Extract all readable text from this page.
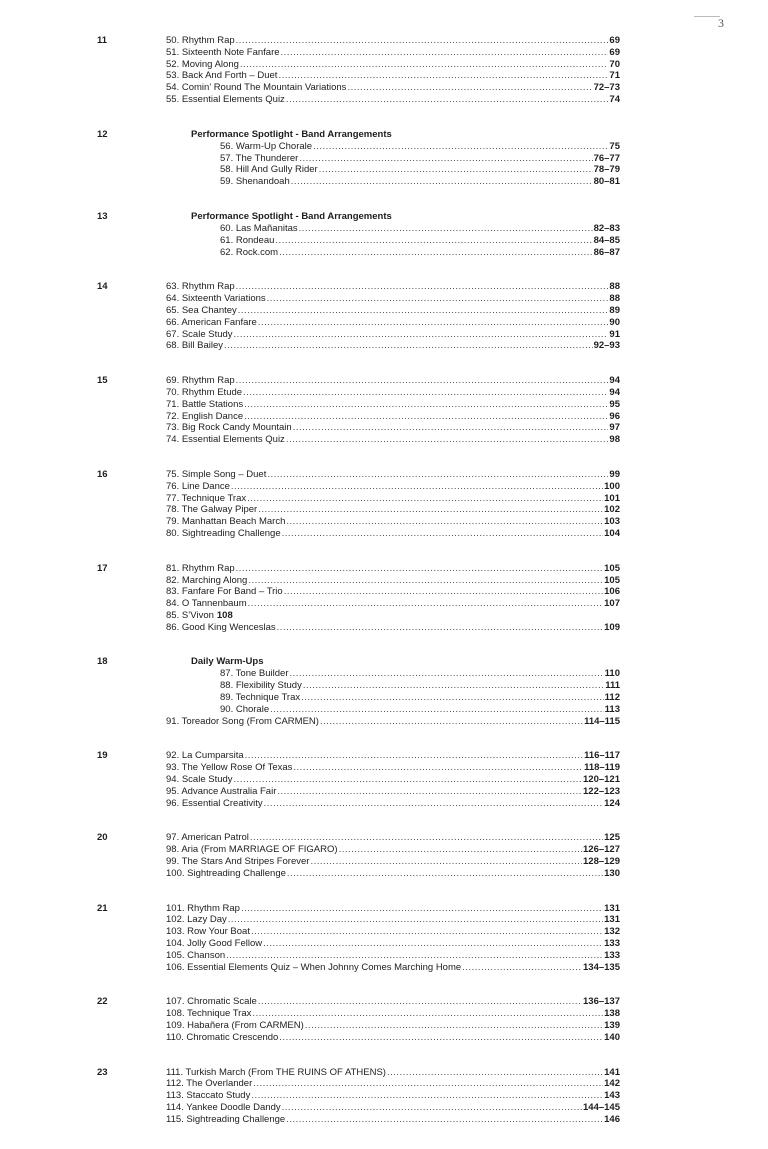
3
11	50. Rhythm Rap .....	69
51. Sixteenth Note Fanfare .....	69
52. Moving Along .....	70
53. Back And Forth – Duet .....	71
54. Comin’ Round The Mountain Variations .....	72–73
55. Essential Elements Quiz .....	74
12	Performance Spotlight - Band Arrangements
56. Warm-Up Chorale .....	75
57. The Thunderer .....	76–77
58. Hill And Gully Rider .....	78–79
59. Shenandoah .....	80–81
13	Performance Spotlight - Band Arrangements
60. Las Mañanitas .....	82–83
61. Rondeau .....	84–85
62. Rock.com .....	86–87
14	63. Rhythm Rap .....	88
64. Sixteenth Variations .....	88
65. Sea Chantey .....	89
66. American Fanfare .....	90
67. Scale Study .....	91
68. Bill Bailey .....	92–93
15	69. Rhythm Rap .....	94
70. Rhythm Etude .....	94
71. Battle Stations .....	95
72. English Dance .....	96
73. Big Rock Candy Mountain .....	97
74. Essential Elements Quiz .....	98
16	75. Simple Song – Duet .....	99
76. Line Dance .....	100
77. Technique Trax .....	101
78. The Galway Piper .....	102
79. Manhattan Beach March .....	103
80. Sightreading Challenge .....	104
17	81. Rhythm Rap .....	105
82. Marching Along .....	105
83. Fanfare For Band – Trio .....	106
84. O Tannenbaum .....	107
85. S’Vivon 108
86. Good King Wenceslas .....	109
18	Daily Warm-Ups
87. Tone Builder .....	110
88. Flexibility Study .....	111
89. Technique Trax .....	112
90. Chorale .....	113
91. Toreador Song (From CARMEN) .....	114–115
19	92. La Cumparsita .....	116–117
93. The Yellow Rose Of Texas .....	118–119
94. Scale Study .....	120–121
95. Advance Australia Fair .....	122–123
96. Essential Creativity .....	124
20	97. American Patrol .....	125
98. Aria (From MARRIAGE OF FIGARO) .....	126–127
99. The Stars And Stripes Forever .....	128–129
100. Sightreading Challenge .....	130
21	101. Rhythm Rap .....	131
102. Lazy Day .....	131
103. Row Your Boat .....	132
104. Jolly Good Fellow .....	133
105. Chanson .....	133
106. Essential Elements Quiz – When Johnny Comes Marching Home .....	134–135
22	107. Chromatic Scale .....	136–137
108. Technique Trax .....	138
109. Habañera (From CARMEN) .....	139
110. Chromatic Crescendo .....	140
23	111. Turkish March (From THE RUINS OF ATHENS) .....	141
112. The Overlander .....	142
113. Staccato Study .....	143
114. Yankee Doodle Dandy .....	144–145
115. Sightreading Challenge .....	146
